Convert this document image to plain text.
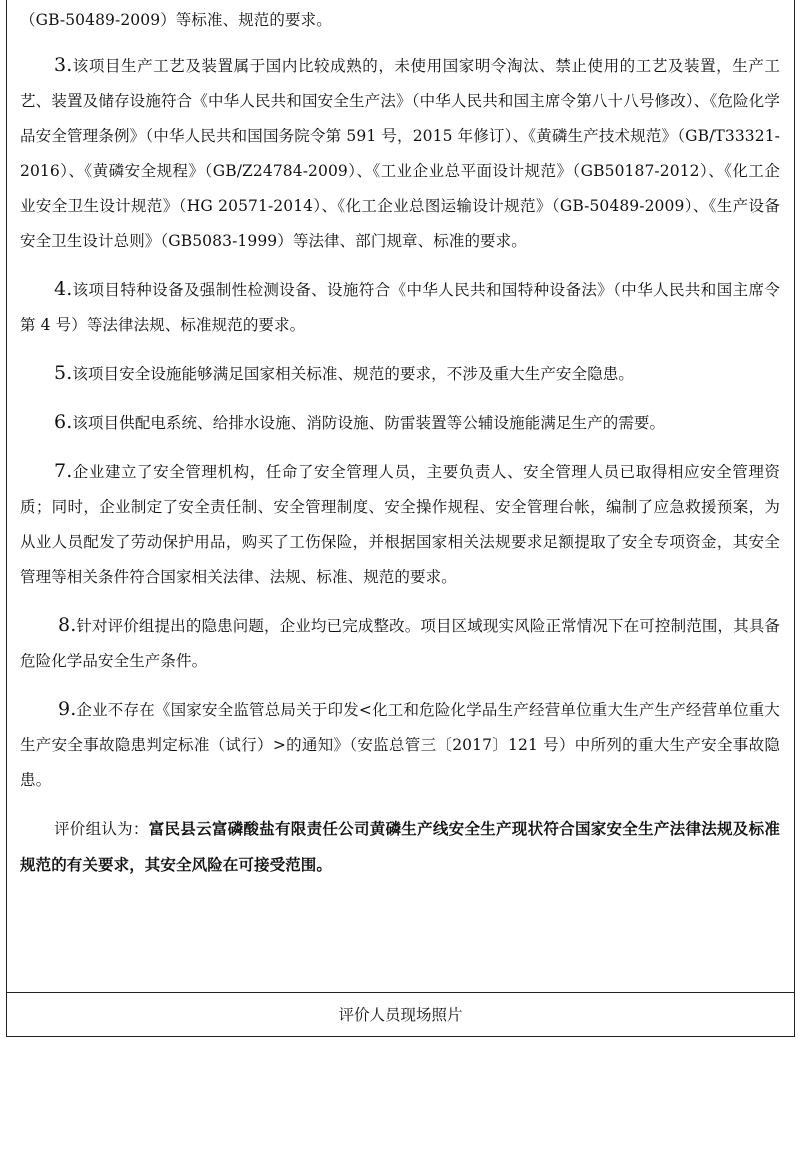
（GB-50489-2009）等标准、规范的要求。

3.该项目生产工艺及装置属于国内比较成熟的，未使用国家明令淘汰、禁止使用的工艺及装置，生产工艺、装置及储存设施符合《中华人民共和国安全生产法》（中华人民共和国主席令第八十八号修改）、《危险化学品安全管理条例》（中华人民共和国国务院令第 591 号，2015 年修订）、《黄磷生产技术规范》（GB/T33321-2016）、《黄磷安全规程》（GB/Z24784-2009）、《工业企业总平面设计规范》（GB50187-2012）、《化工企业安全卫生设计规范》（HG 20571-2014）、《化工企业总图运输设计规范》（GB-50489-2009）、《生产设备安全卫生设计总则》（GB5083-1999）等法律、部门规章、标准的要求。

4.该项目特种设备及强制性检测设备、设施符合《中华人民共和国特种设备法》（中华人民共和国主席令第 4 号）等法律法规、标准规范的要求。

5.该项目安全设施能够满足国家相关标准、规范的要求，不涉及重大生产安全隐患。

6.该项目供配电系统、给排水设施、消防设施、防雷装置等公辅设施能满足生产的需要。

7.企业建立了安全管理机构，任命了安全管理人员，主要负责人、安全管理人员已取得相应安全管理资质；同时，企业制定了安全责任制、安全管理制度、安全操作规程、安全管理台帐，编制了应急救援预案，为从业人员配发了劳动保护用品，购买了工伤保险，并根据国家相关法规要求足额提取了安全专项资金，其安全管理等相关条件符合国家相关法律、法规、标准、规范的要求。

8.针对评价组提出的隐患问题，企业均已完成整改。项目区域现实风险正常情况下在可控制范围，其具备危险化学品安全生产条件。

9.企业不存在《国家安全监管总局关于印发<化工和危险化学品生产经营单位重大生产生产经营单位重大生产安全事故隐患判定标准（试行）>的通知》（安监总管三〔2017〕121 号）中所列的重大生产安全事故隐患。

评价组认为：富民县云富磷酸盐有限责任公司黄磷生产线安全生产现状符合国家安全生产法律法规及标准规范的有关要求，其安全风险在可接受范围。

评价人员现场照片
